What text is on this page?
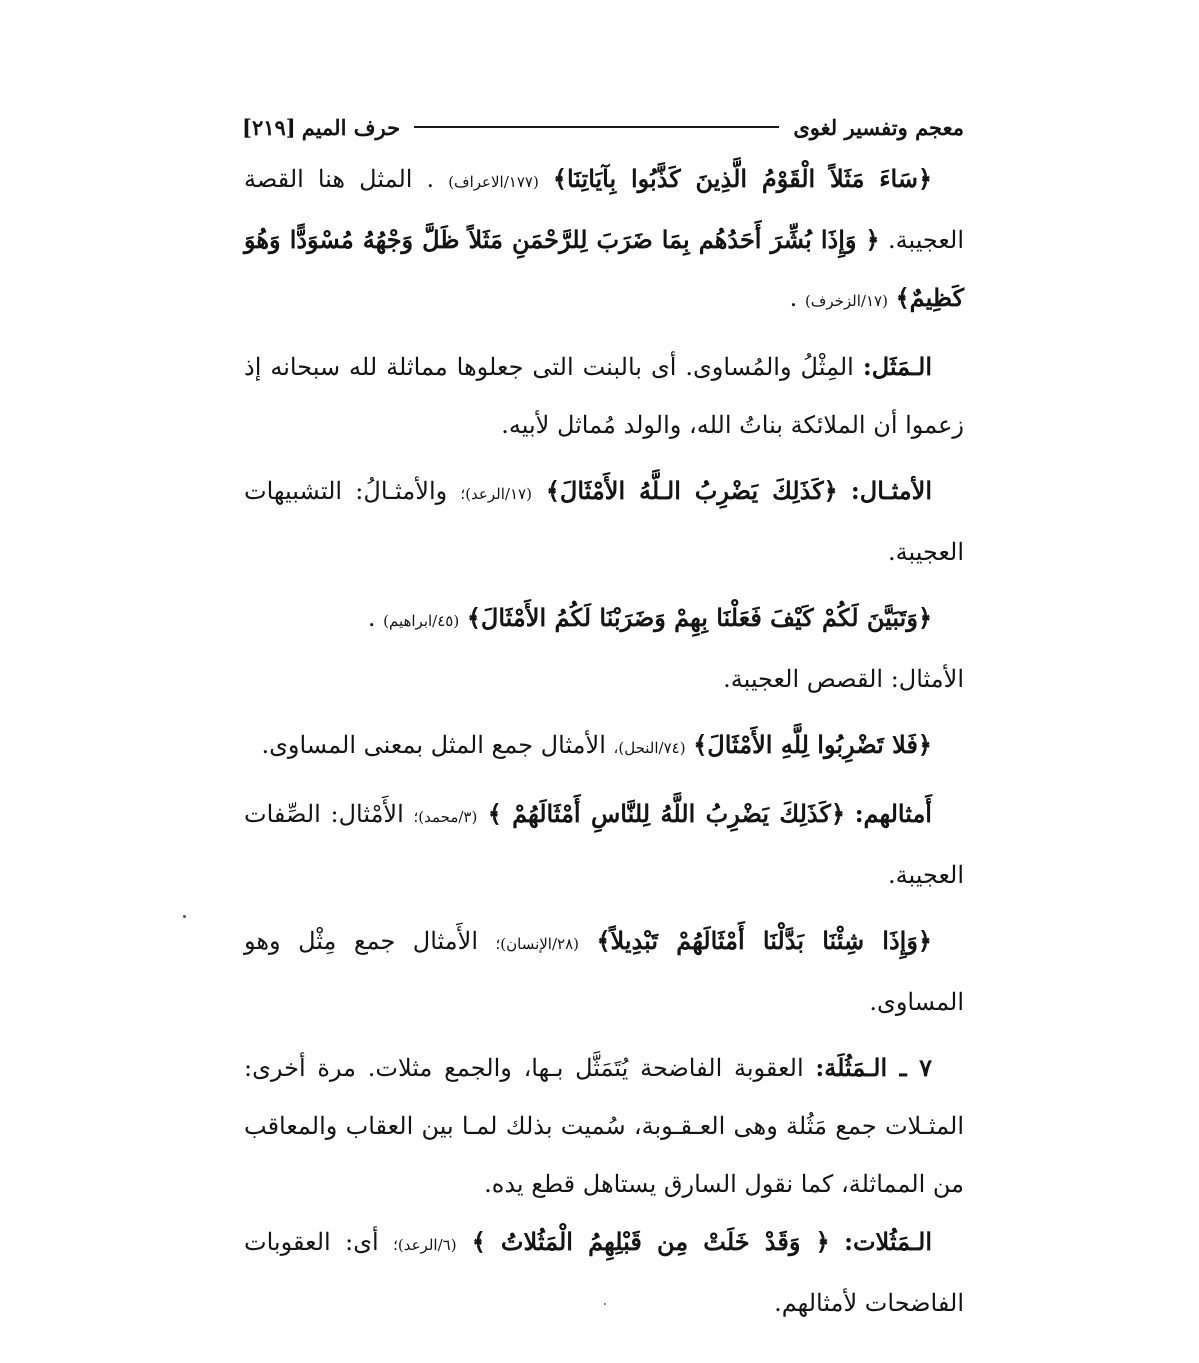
معجم وتفسير لغوى
حرف الميم
[٢١٩]

﴿سَاءَ مَثَلاً الْقَوْمُ الَّذِينَ كَذَّبُوا بِآيَاتِنَا﴾ (١٧٧/الاعراف) . المثل هنا القصة العجيبة. ﴿ وَإِذَا بُشِّرَ أَحَدُهُم بِمَا ضَرَبَ لِلرَّحْمَنِ مَثَلاً ظَلَّ وَجْهُهُ مُسْوَدًّا وَهُوَ كَظِيمٌ﴾ (١٧/الزخرف) .

الـمَثَل: المِثْلُ والمُساوى. أى بالبنت التى جعلوها مماثلة لله سبحانه إذ زعموا أن الملائكة بناتُ الله، والولد مُماثل لأبيه.

الأمثـال: ﴿كَذَلِكَ يَضْرِبُ الـلَّهُ الأَمْثَالَ﴾ (١٧/الرعد)؛ والأمثـالُ: التشبيهات العجيبة.

﴿وَتَبَيَّنَ لَكُمْ كَيْفَ فَعَلْنَا بِهِمْ وَضَرَبْنَا لَكُمُ الأَمْثَالَ﴾ (٤٥/ابراهيم) .

الأمثال: القصص العجيبة.

﴿فَلا تَضْرِبُوا لِلَّهِ الأَمْثَالَ﴾ (٧٤/النحل)، الأمثال جمع المثل بمعنى المساوى.

أَمثالهم: ﴿كَذَلِكَ يَضْرِبُ اللَّهُ لِلنَّاسِ أَمْثَالَهُمْ ﴾ (٣/محمد)؛ الأَمْثال: الصِّفات العجيبة.

﴿وَإِذَا شِئْنَا بَدَّلْنَا أَمْثَالَهُمْ تَبْدِيلاً﴾ (٢٨/الإنسان)؛ الأَمثال جمع مِثْل وهو المساوى.

٧ ـ الـمَثُلَة: العقوبة الفاضحة يُتَمَثَّل بـها، والجمع مثلات. مرة أخرى: المثـلات جمع مَثُلة وهى العـقـوبة، سُميت بذلك لمـا بين العقاب والمعاقب من المماثلة، كما نقول السارق يستاهل قطع يده.

الـمَثُلات: ﴿ وَقَدْ خَلَتْ مِن قَبْلِهِمُ الْمَثُلاتُ ﴾ (٦/الرعد)؛ أى: العقوبات الفاضحات لأمثالهم.
